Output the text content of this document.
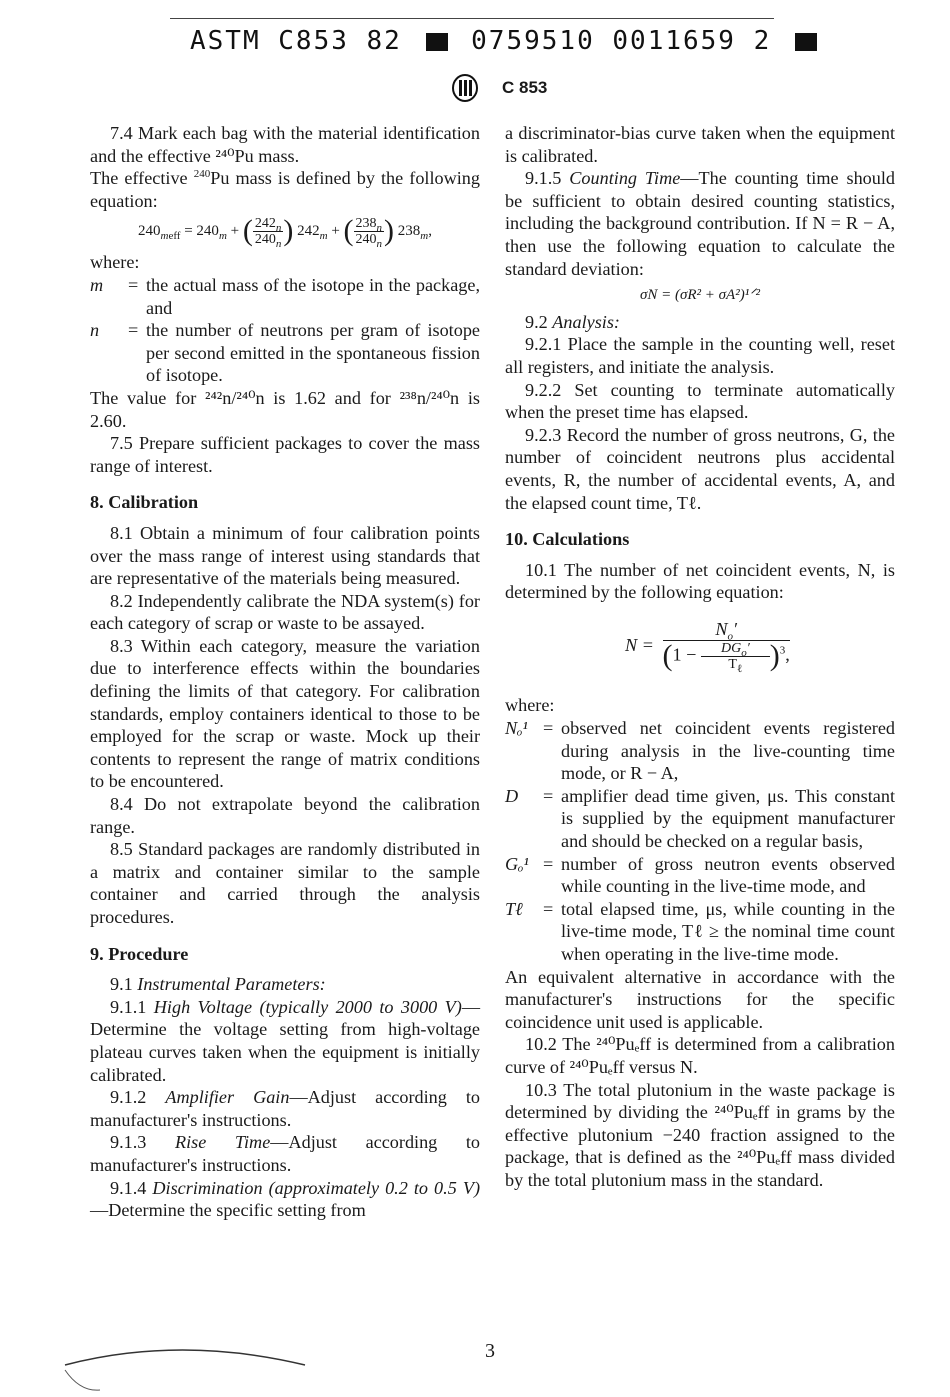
ASTM C853 82	0759510 0011659 2
C 853

7.4 Mark each bag with the material identification and the effective ²⁴⁰Pu mass.

The effective $^{240}$Pu mass is defined by the following equation:

$240_{meff} = 240_m$ + ( $\frac{242_n}{240_n}$ ) $242_m$ + ( $\frac{238_n}{240_n}$ ) $238_m$,

where:

m	= the actual mass of the isotope in the package, and
n	= the number of neutrons per gram of isotope per second emitted in the spontaneous fission of isotope.

The value for ²⁴²n/²⁴⁰n is 1.62 and for ²³⁸n/²⁴⁰n is 2.60.

7.5 Prepare sufficient packages to cover the mass range of interest.

8. Calibration

8.1 Obtain a minimum of four calibration points over the mass range of interest using standards that are representative of the materials being measured.

8.2 Independently calibrate the NDA system(s) for each category of scrap or waste to be assayed.

8.3 Within each category, measure the variation due to interference effects within the boundaries defining the limits of that category. For calibration standards, employ containers identical to those to be employed for the scrap or waste. Mock up their contents to represent the range of matrix conditions to be encountered.

8.4 Do not extrapolate beyond the calibration range.

8.5 Standard packages are randomly distributed in a matrix and container similar to the sample container and carried through the analysis procedures.

9. Procedure

9.1 Instrumental Parameters:

9.1.1 High Voltage (typically 2000 to 3000 V)—Determine the voltage setting from high-voltage plateau curves taken when the equipment is initially calibrated.

9.1.2 Amplifier Gain—Adjust according to manufacturer's instructions.

9.1.3 Rise Time—Adjust according to manufacturer's instructions.

9.1.4 Discrimination (approximately 0.2 to 0.5 V)—Determine the specific setting from

a discriminator-bias curve taken when the equipment is calibrated.

9.1.5 Counting Time—The counting time should be sufficient to obtain desired counting statistics, including the background contribution. If N = R − A, then use the following equation to calculate the standard deviation:

σN = (σR² + σA²)¹ᐟ²

9.2 Analysis:

9.2.1 Place the sample in the counting well, reset all registers, and initiate the analysis.

9.2.2 Set counting to terminate automatically when the preset time has elapsed.

9.2.3 Record the number of gross neutrons, G, the number of coincident neutrons plus accidental events, R, the number of accidental events, A, and the elapsed count time, Tℓ.

10. Calculations

10.1 The number of net coincident events, N, is determined by the following equation:

N =
$N_o'$
$(1 - \frac{DG_o'}{T_\ell} )^3$,

where:

Nₒ¹ = observed net coincident events registered during analysis in the live-counting time mode, or R − A,
D	= amplifier dead time given, μs. This constant is supplied by the equipment manufacturer and should be checked on a regular basis,
Gₒ¹ = number of gross neutron events observed while counting in the live-time mode, and
Tℓ	= total elapsed time, μs, while counting in the live-time mode, Tℓ ≥ the nominal time count when operating in the live-time mode.

An equivalent alternative in accordance with the manufacturer's instructions for the specific coincidence unit used is applicable.

10.2 The ²⁴⁰Puₑff is determined from a calibration curve of ²⁴⁰Puₑff versus N.

10.3 The total plutonium in the waste package is determined by dividing the ²⁴⁰Puₑff in grams by the effective plutonium −240 fraction assigned to the package, that is defined as the ²⁴⁰Puₑff mass divided by the total plutonium mass in the standard.

3
